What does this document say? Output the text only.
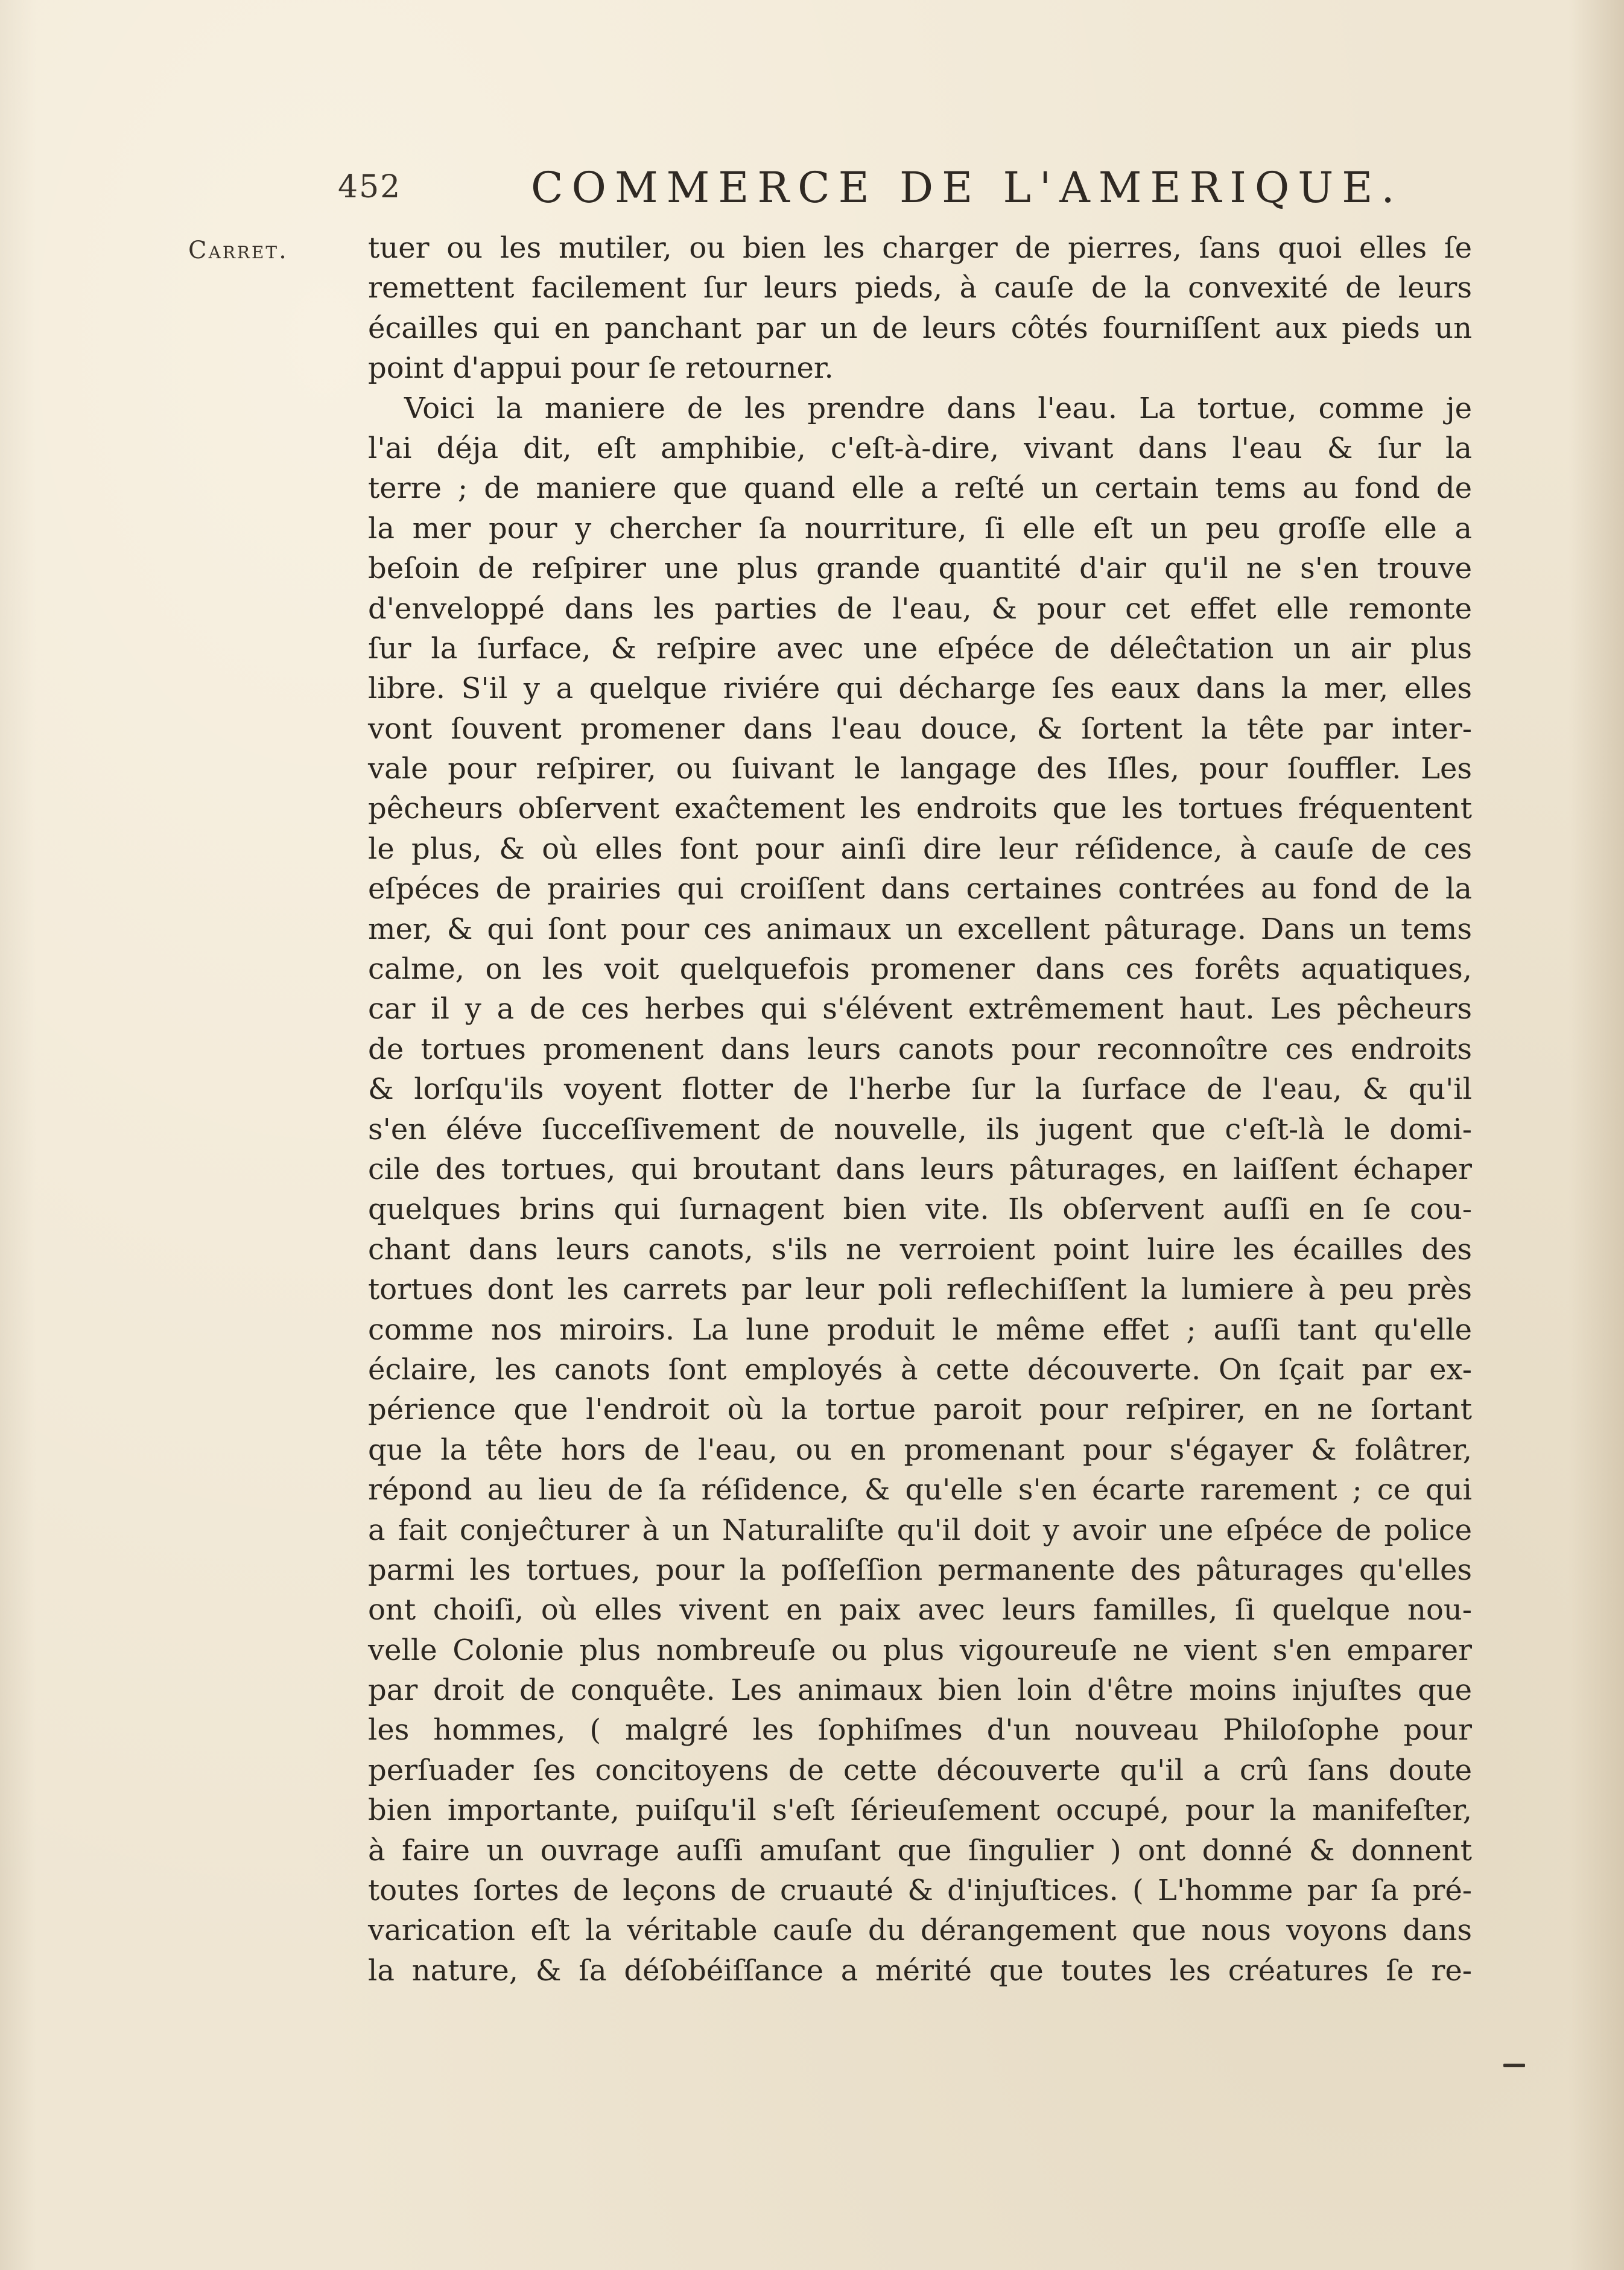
452	COMMERCE DE L'AMERIQUE.
Carret.	tuer ou les mutiler, ou bien les charger de pierres, ſans quoi elles ſe
remettent facilement ſur leurs pieds, à cauſe de la convexité de leurs
écailles qui en panchant par un de leurs côtés fourniſſent aux pieds un
point d'appui pour ſe retourner.
Voici la maniere de les prendre dans l'eau. La tortue, comme je
l'ai déja dit, eſt amphibie, c'eſt-à-dire, vivant dans l'eau & ſur la
terre ; de maniere que quand elle a reſté un certain tems au fond de
la mer pour y chercher ſa nourriture, ſi elle eſt un peu groſſe elle a
beſoin de reſpirer une plus grande quantité d'air qu'il ne s'en trouve
d'enveloppé dans les parties de l'eau, & pour cet effet elle remonte
ſur la ſurface, & reſpire avec une eſpéce de déleĉtation un air plus
libre. S'il y a quelque riviére qui décharge ſes eaux dans la mer, elles
vont ſouvent promener dans l'eau douce, & ſortent la tête par inter-
vale pour reſpirer, ou ſuivant le langage des Iſles, pour ſouffler. Les
pêcheurs obſervent exaĉtement les endroits que les tortues fréquentent
le plus, & où elles font pour ainſi dire leur réſidence, à cauſe de ces
eſpéces de prairies qui croiſſent dans certaines contrées au fond de la
mer, & qui ſont pour ces animaux un excellent pâturage. Dans un tems
calme, on les voit quelquefois promener dans ces forêts aquatiques,
car il y a de ces herbes qui s'élévent extrêmement haut. Les pêcheurs
de tortues promenent dans leurs canots pour reconnoître ces endroits
& lorſqu'ils voyent flotter de l'herbe ſur la ſurface de l'eau, & qu'il
s'en éléve ſucceſſivement de nouvelle, ils jugent que c'eſt-là le domi-
cile des tortues, qui broutant dans leurs pâturages, en laiſſent échaper
quelques brins qui ſurnagent bien vite. Ils obſervent auſſi en ſe cou-
chant dans leurs canots, s'ils ne verroient point luire les écailles des
tortues dont les carrets par leur poli reflechiſſent la lumiere à peu près
comme nos miroirs. La lune produit le même effet ; auſſi tant qu'elle
éclaire, les canots ſont employés à cette découverte. On ſçait par ex-
périence que l'endroit où la tortue paroit pour reſpirer, en ne ſortant
que la tête hors de l'eau, ou en promenant pour s'égayer & folâtrer,
répond au lieu de ſa réſidence, & qu'elle s'en écarte rarement ; ce qui
a fait conjeĉturer à un Naturaliſte qu'il doit y avoir une eſpéce de police
parmi les tortues, pour la poſſeſſion permanente des pâturages qu'elles
ont choiſi, où elles vivent en paix avec leurs familles, ſi quelque nou-
velle Colonie plus nombreuſe ou plus vigoureuſe ne vient s'en emparer
par droit de conquête. Les animaux bien loin d'être moins injuſtes que
les hommes, ( malgré les ſophiſmes d'un nouveau Philoſophe pour
perſuader ſes concitoyens de cette découverte qu'il a crû ſans doute
bien importante, puiſqu'il s'eſt ſérieuſement occupé, pour la manifeſter,
à faire un ouvrage auſſi amuſant que ſingulier ) ont donné & donnent
toutes ſortes de leçons de cruauté & d'injuſtices. ( L'homme par ſa pré-
varication eſt la véritable cauſe du dérangement que nous voyons dans
la nature, & ſa déſobéiſſance a mérité que toutes les créatures ſe re-
